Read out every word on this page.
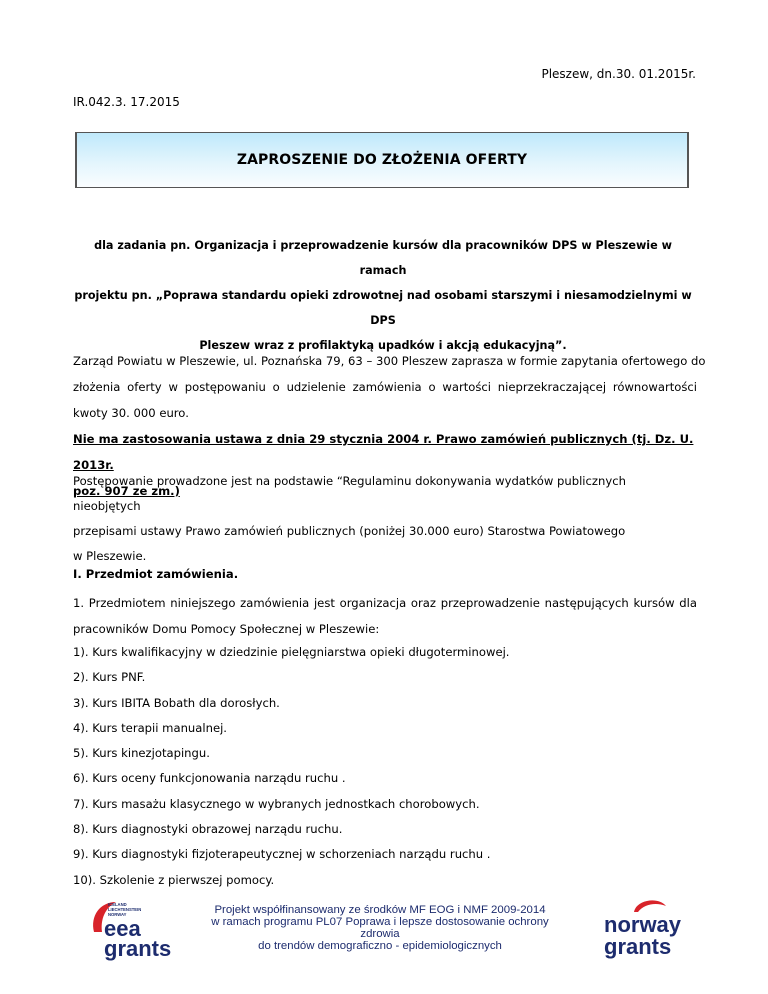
Pleszew, dn.30. 01.2015r.
IR.042.3. 17.2015
ZAPROSZENIE DO ZŁOŻENIA OFERTY
dla zadania pn. Organizacja i przeprowadzenie kursów dla pracowników DPS w Pleszewie w ramach
projektu pn. „Poprawa standardu opieki zdrowotnej nad osobami starszymi i niesamodzielnymi w DPS
Pleszew wraz z profilaktyką upadków i akcją edukacyjną”.
Zarząd Powiatu w Pleszewie, ul. Poznańska 79, 63 – 300 Pleszew zaprasza w formie zapytania ofertowego do
złożenia oferty w postępowaniu o udzielenie zamówienia o wartości nieprzekraczającej równowartości
kwoty 30. 000 euro.
Nie ma zastosowania ustawa z dnia 29 stycznia 2004 r. Prawo zamówień publicznych (tj. Dz. U. 2013r.
poz. 907 ze zm.)
Postępowanie prowadzone jest na podstawie “Regulaminu dokonywania wydatków publicznych nieobjętych
przepisami ustawy Prawo zamówień publicznych (poniżej 30.000 euro) Starostwa Powiatowego
w Pleszewie.
I. Przedmiot zamówienia.
1. Przedmiotem niniejszego zamówienia jest organizacja oraz przeprowadzenie następujących kursów dla
pracowników Domu Pomocy Społecznej w Pleszewie:
1). Kurs kwalifikacyjny w dziedzinie pielęgniarstwa opieki długoterminowej.
2). Kurs PNF.
3). Kurs IBITA Bobath dla dorosłych.
4). Kurs terapii manualnej.
5). Kurs kinezjotapingu.
6). Kurs oceny funkcjonowania narządu ruchu .
7). Kurs masażu klasycznego w wybranych jednostkach chorobowych.
8). Kurs diagnostyki obrazowej narządu ruchu.
9). Kurs diagnostyki fizjoterapeutycznej w schorzeniach narządu ruchu .
10). Szkolenie z pierwszej pomocy.
ICELAND
LIECHTENSTEIN
NORWAY
eea
grants
Projekt współfinansowany ze środków MF EOG i NMF 2009-2014
w ramach programu PL07 Poprawa i lepsze dostosowanie ochrony zdrowia
do trendów demograficzno - epidemiologicznych
norway
grants
